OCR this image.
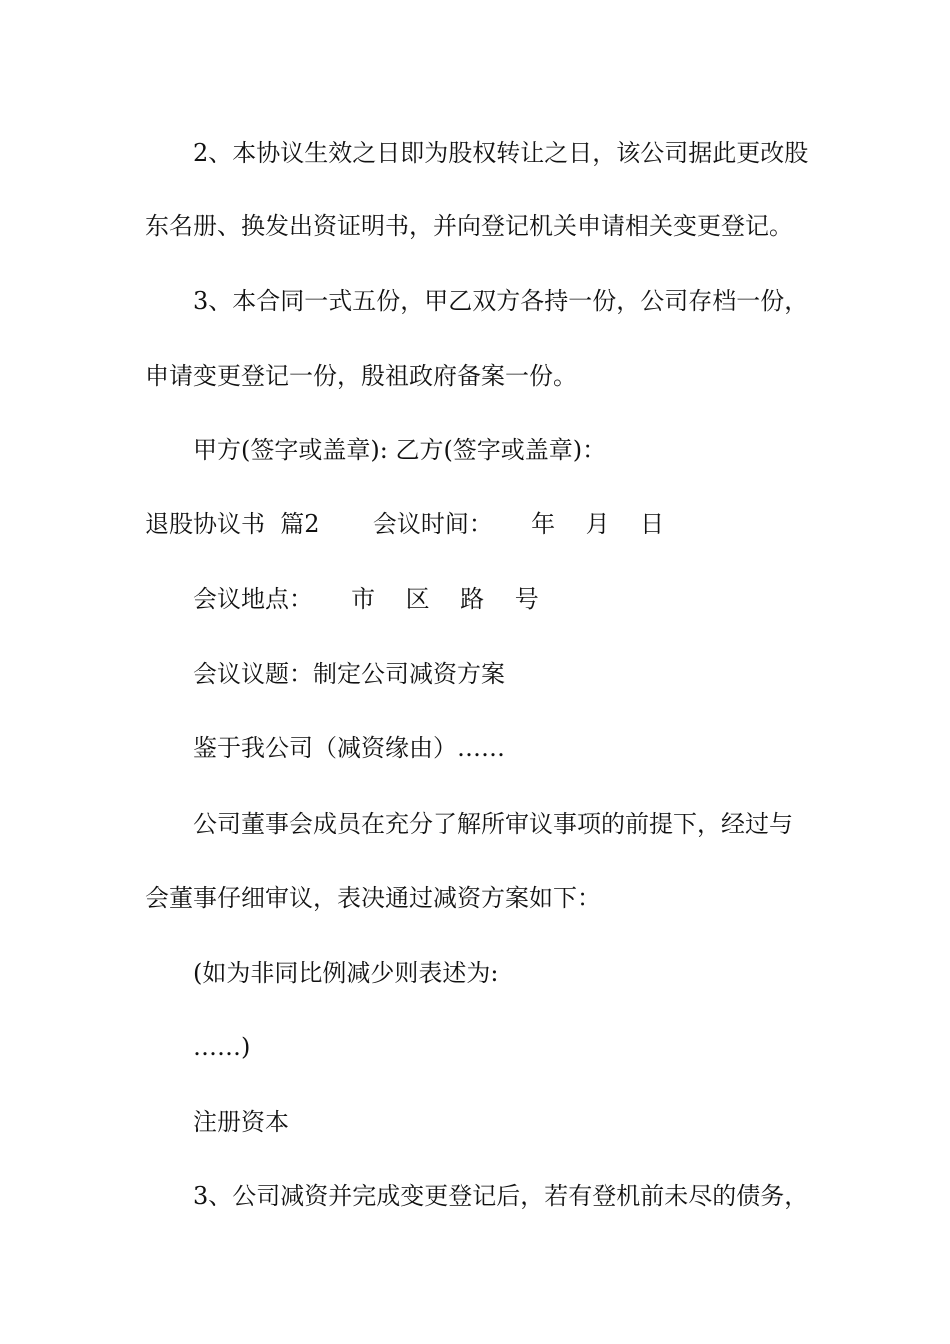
2、本协议生效之日即为股权转让之日，该公司据此更改股
东名册、换发出资证明书，并向登记机关申请相关变更登记。
3、本合同一式五份，甲乙双方各持一份，公司存档一份，
申请变更登记一份，殷祖政府备案一份。
甲方(签字或盖章): 乙方(签字或盖章)：
退股协议书  篇2       会议时间：     年    月    日
会议地点：     市    区    路    号
会议议题：制定公司减资方案
鉴于我公司（减资缘由）……
公司董事会成员在充分了解所审议事项的前提下，经过与
会董事仔细审议，表决通过减资方案如下：
(如为非同比例减少则表述为:
……)
注册资本
3、公司减资并完成变更登记后，若有登机前未尽的债务，
